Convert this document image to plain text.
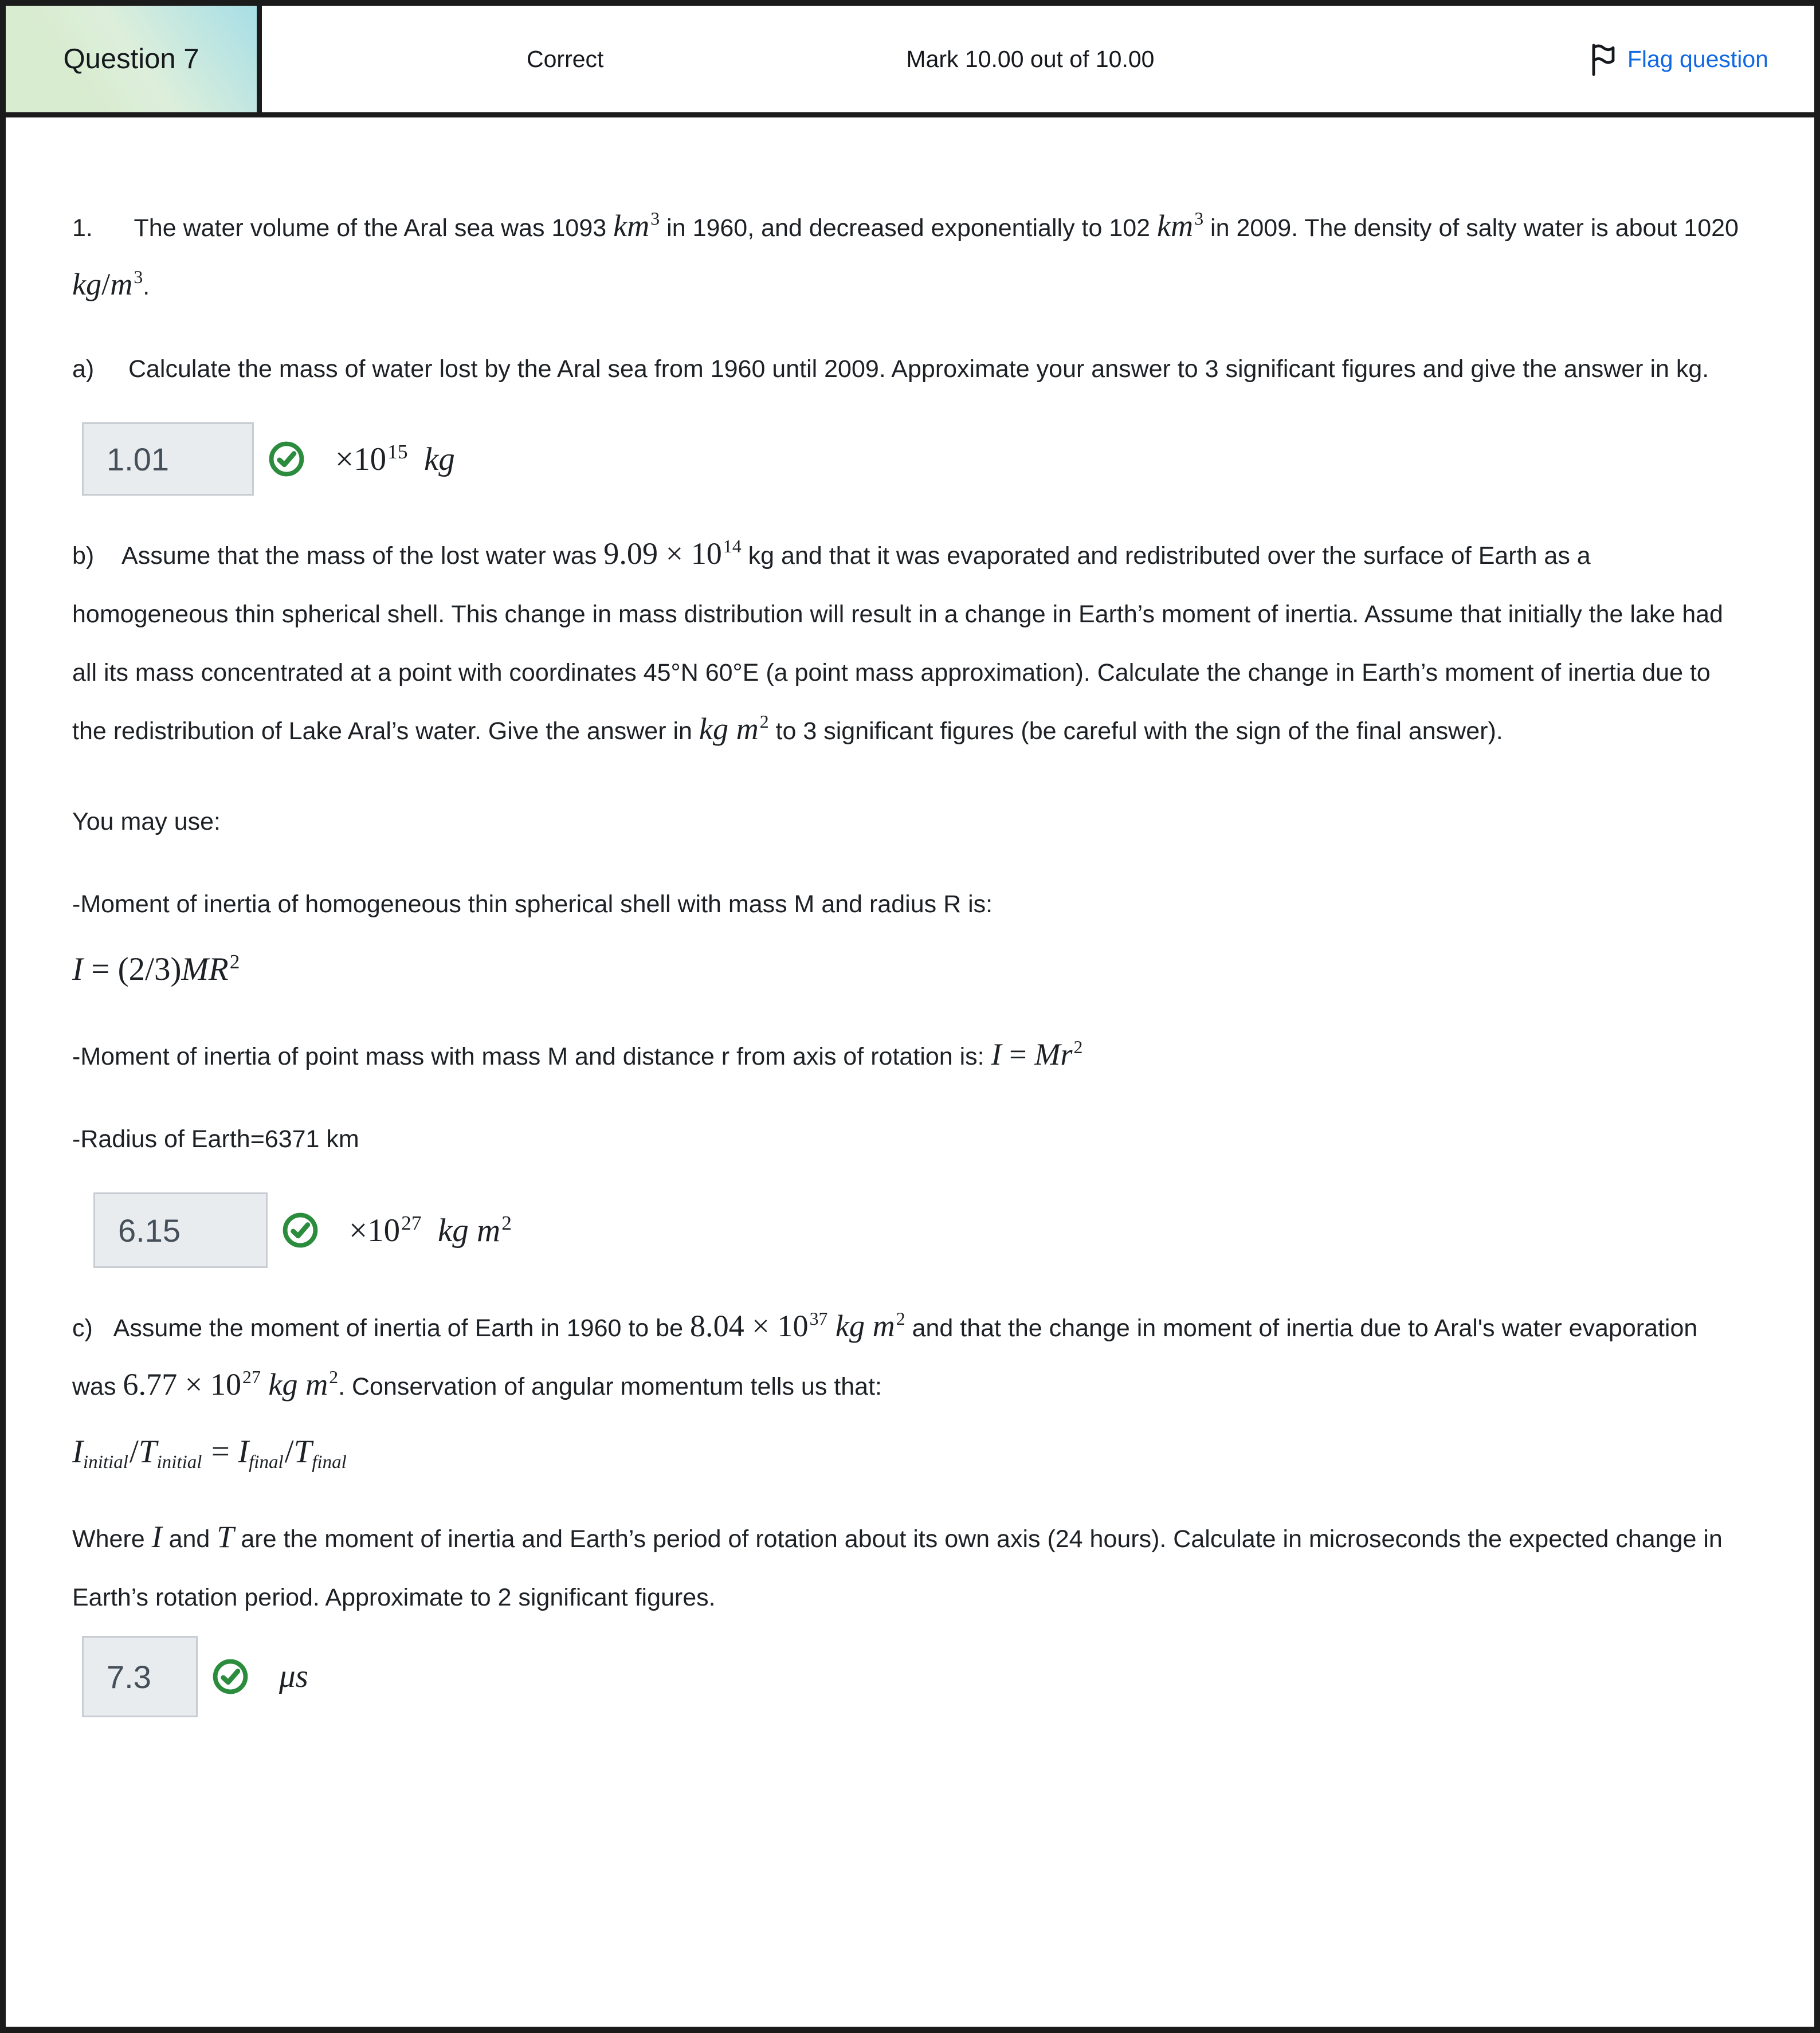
Question 7	Correct	Mark 10.00 out of 10.00	Flag question

1.      The water volume of the Aral sea was 1093 $km^3$ in 1960, and decreased exponentially to 102 $km^3$ in 2009. The density of salty water is about 1020 $kg/m^3$.

a)     Calculate the mass of water lost by the Aral sea from 1960 until 2009. Approximate your answer to 3 significant figures and give the answer in kg.

1.01
×10 15
  kg

b)    Assume that the mass of the lost water was $9.09 \times 10^{14}$ kg and that it was evaporated and redistributed over the surface of Earth as a homogeneous thin spherical shell. This change in mass distribution will result in a change in Earth’s moment of inertia. Assume that initially the lake had all its mass concentrated at a point with coordinates 45°N 60°E (a point mass approximation). Calculate the change in Earth’s moment of inertia due to the redistribution of Lake Aral’s water. Give the answer in kg $m^2$ to 3 significant figures (be careful with the sign of the final answer).

You may use:

-Moment of inertia of homogeneous thin spherical shell with mass M and radius R is:

$I = (2/3)MR^2$

-Moment of inertia of point mass with mass M and distance r from axis of rotation is: $I = Mr^2$

-Radius of Earth=6371 km

6.15
×10 27
  kg m 2

c)   Assume the moment of inertia of Earth in 1960 to be $8.04 \times 10^{37}$ kg $m^2$ and that the change in moment of inertia due to Aral's water evaporation was $6.77 \times 10^{27}$ kg $m^2$. Conservation of angular momentum tells us that:

Iinitial/Tinitial = Ifinal/Tfinal

Where I and T are the moment of inertia and Earth’s period of rotation about its own axis (24 hours). Calculate in microseconds the expected change in Earth’s rotation period. Approximate to 2 significant figures.

7.3
μs
